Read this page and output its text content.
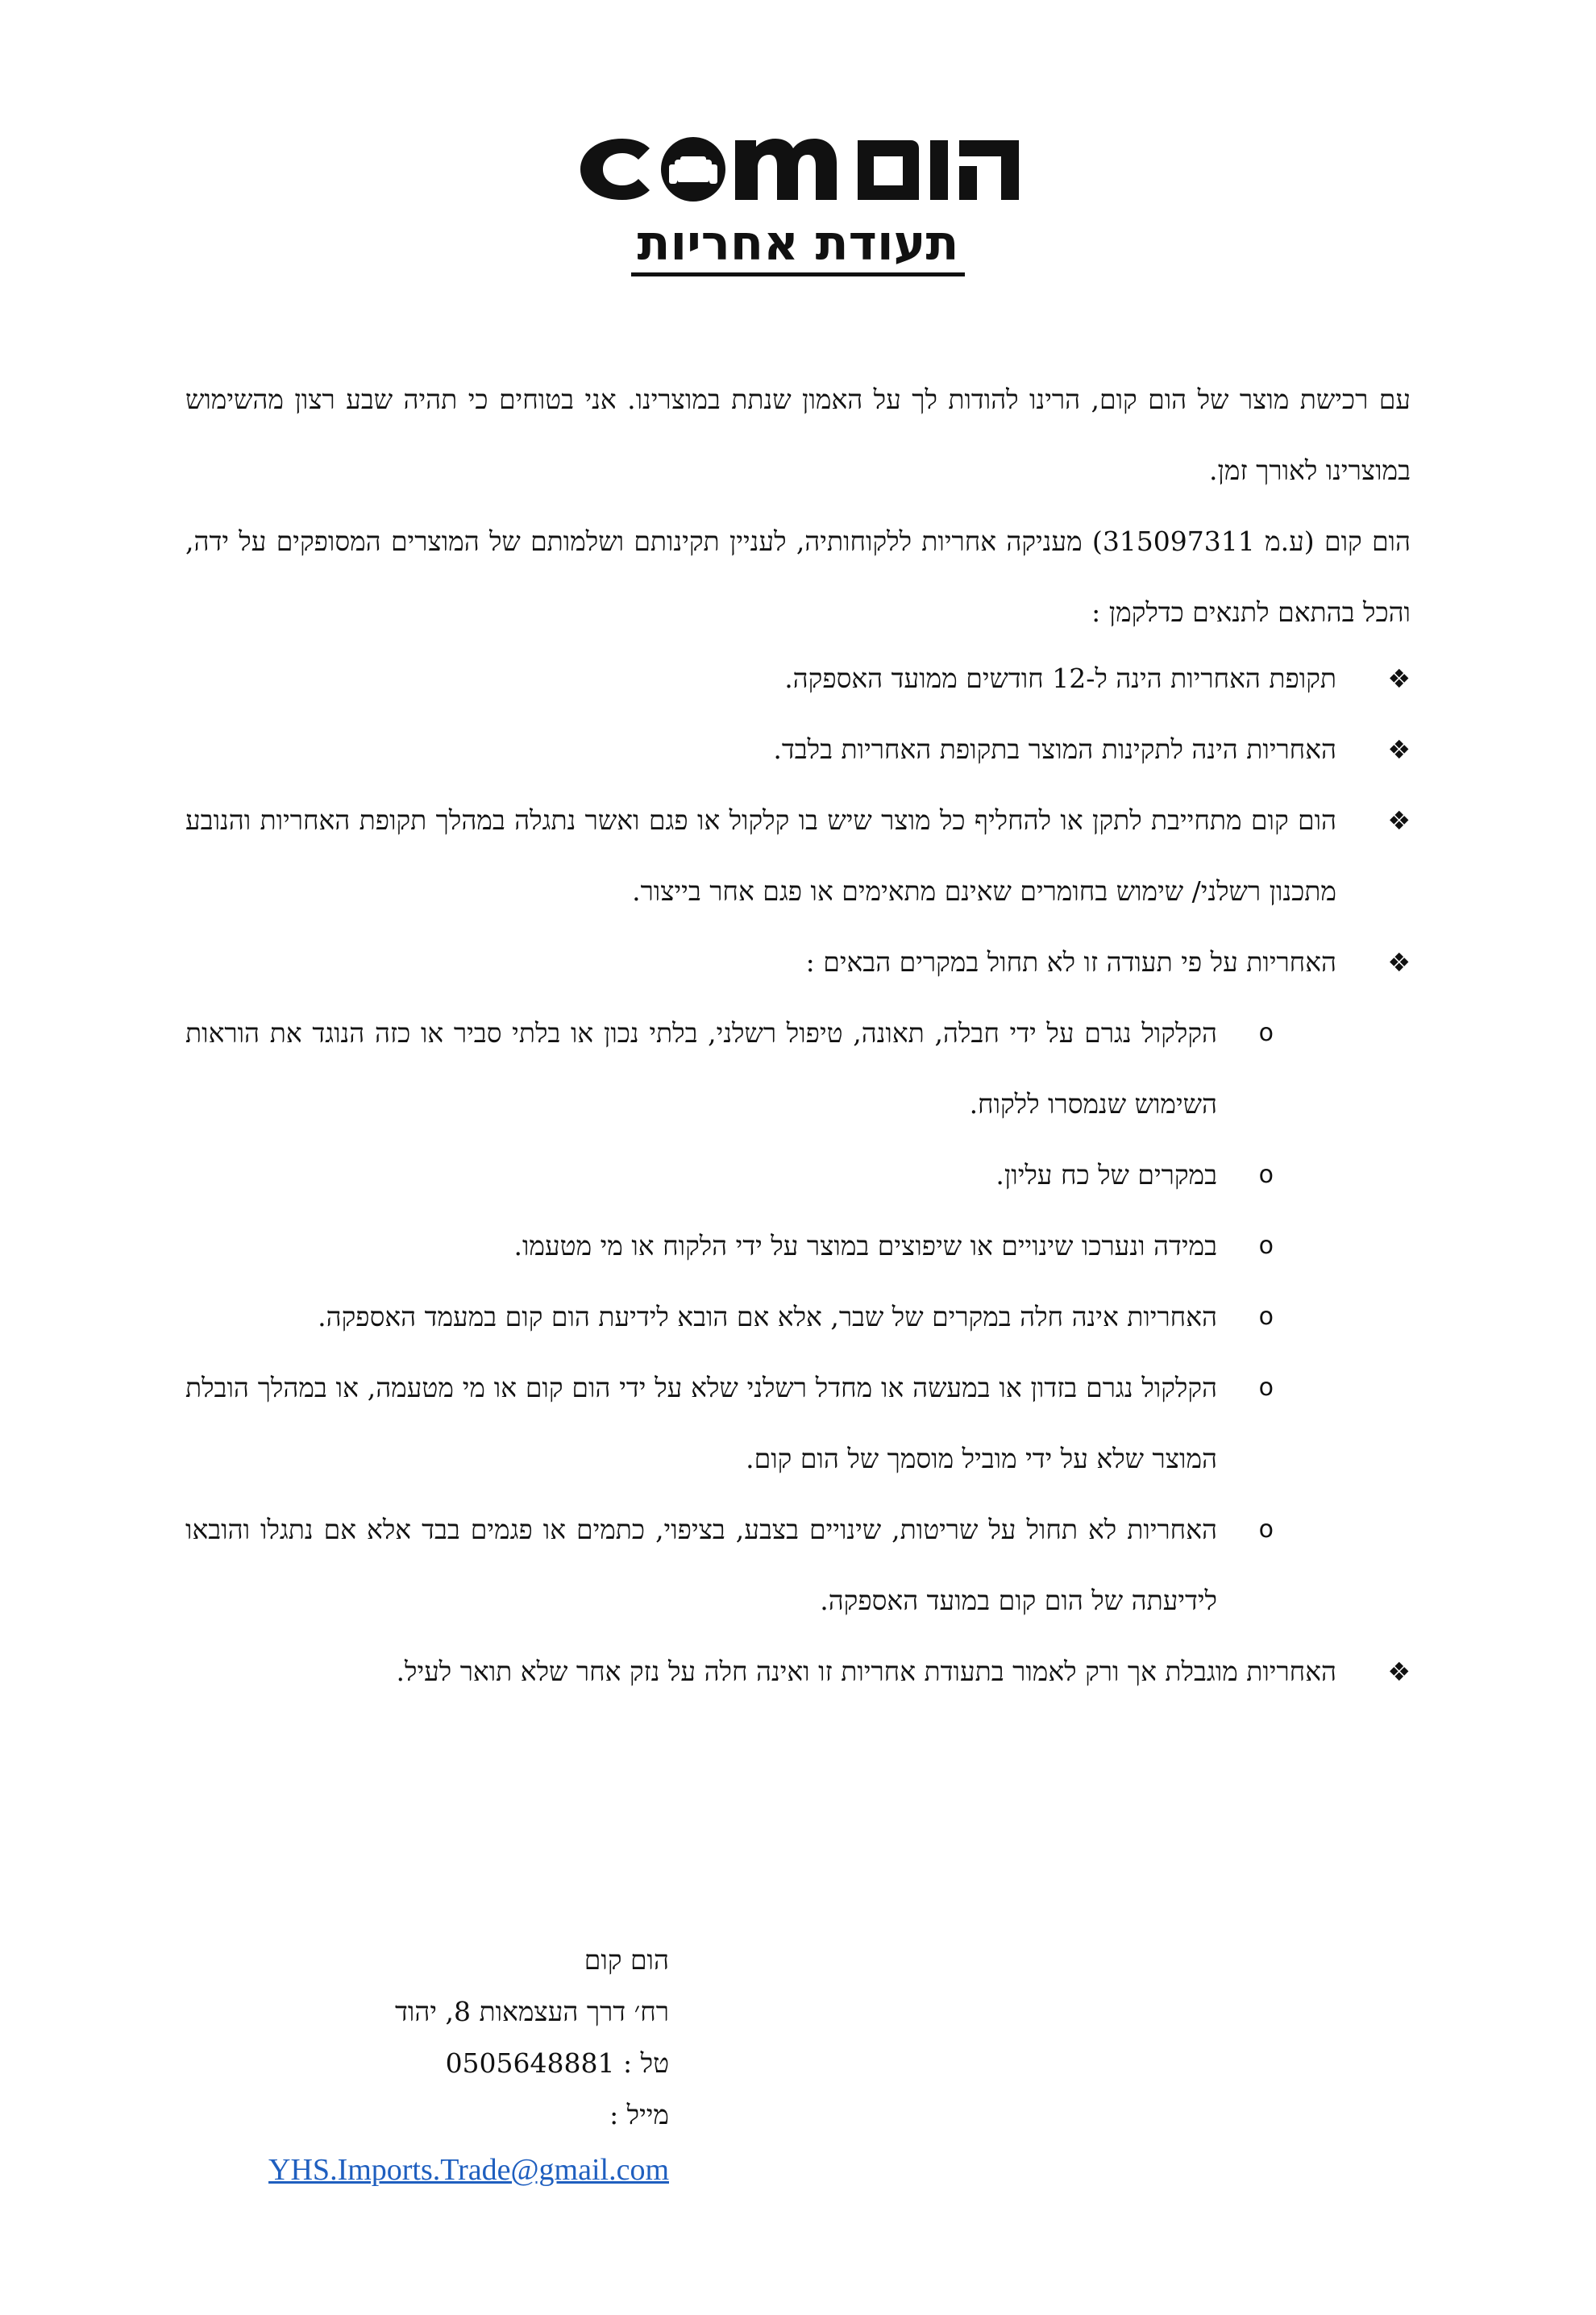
תעודת אחריות
עם רכישת מוצר של הום קום, הרינו להודות לך על האמון שנתת במוצרינו. אני בטוחים כי תהיה שבע רצון מהשימוש במוצרינו לאורך זמן.
הום קום (ע.מ 315097311) מעניקה אחריות ללקוחותיה, לעניין תקינותם ושלמותם של המוצרים המסופקים על ידה, והכל בהתאם לתנאים כדלקמן :
❖
תקופת האחריות הינה ל-12 חודשים ממועד האספקה.
❖
האחריות הינה לתקינות המוצר בתקופת האחריות בלבד.
❖
הום קום מתחייבת לתקן או להחליף כל מוצר שיש בו קלקול או פגם ואשר נתגלה במהלך תקופת האחריות והנובע מתכנון רשלני/ שימוש בחומרים שאינם מתאימים או פגם אחר בייצור.
❖
האחריות על פי תעודה זו לא תחול במקרים הבאים :
o
הקלקול נגרם על ידי חבלה, תאונה, טיפול רשלני, בלתי נכון או בלתי סביר או כזה הנוגד את הוראות השימוש שנמסרו ללקוח.
o
במקרים של כח עליון.
o
במידה ונערכו שינויים או שיפוצים במוצר על ידי הלקוח או מי מטעמו.
o
האחריות אינה חלה במקרים של שבר, אלא אם הובא לידיעת הום קום במעמד האספקה.
o
הקלקול נגרם בזדון או במעשה או מחדל רשלני שלא על ידי הום קום או מי מטעמה, או במהלך הובלת המוצר שלא על ידי מוביל מוסמך של הום קום.
o
האחריות לא תחול על שריטות, שינויים בצבע, בציפוי, כתמים או פגמים בבד אלא אם נתגלו והובאו לידיעתה של הום קום במועד האספקה.
❖
האחריות מוגבלת אך ורק לאמור בתעודת אחריות זו ואינה חלה על נזק אחר שלא תואר לעיל.
הום קום
רח׳ דרך העצמאות 8, יהוד
טל : 0505648881
מייל :
YHS.Imports.Trade@gmail.com
